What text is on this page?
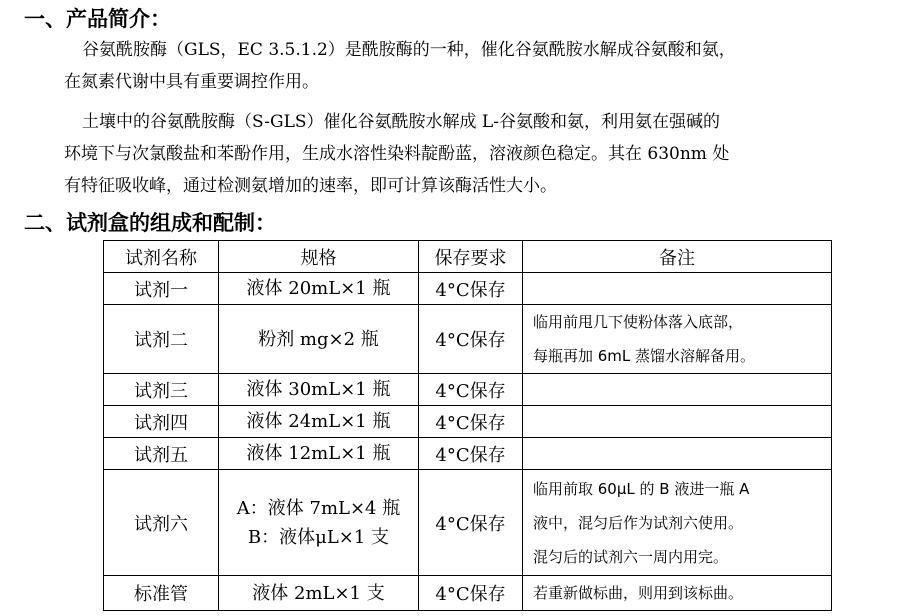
一、产品简介：
谷氨酰胺酶（GLS，EC 3.5.1.2）是酰胺酶的一种，催化谷氨酰胺水解成谷氨酸和氨，
在氮素代谢中具有重要调控作用。
土壤中的谷氨酰胺酶（S-GLS）催化谷氨酰胺水解成 L-谷氨酸和氨，利用氨在强碱的
环境下与次氯酸盐和苯酚作用，生成水溶性染料靛酚蓝，溶液颜色稳定。其在 630nm 处
有特征吸收峰，通过检测氨增加的速率，即可计算该酶活性大小。
二、试剂盒的组成和配制：
试剂名称	规格	保存要求	备注
试剂一	液体 20mL×1 瓶	4°C保存	
试剂二	粉剂 mg×2 瓶	4°C保存	临用前甩几下使粉体落入底部，
每瓶再加 6mL 蒸馏水溶解备用。

试剂三	液体 30mL×1 瓶	4°C保存	
试剂四	液体 24mL×1 瓶	4°C保存	
试剂五	液体 12mL×1 瓶	4°C保存	
试剂六	A：液体 7mL×4 瓶
B：液体μL×1 支	4°C保存	临用前取 60μL 的 B 液进一瓶 A
液中，混匀后作为试剂六使用。
混匀后的试剂六一周内用完。

标准管	液体 2mL×1 支	4°C保存	若重新做标曲，则用到该标曲。
